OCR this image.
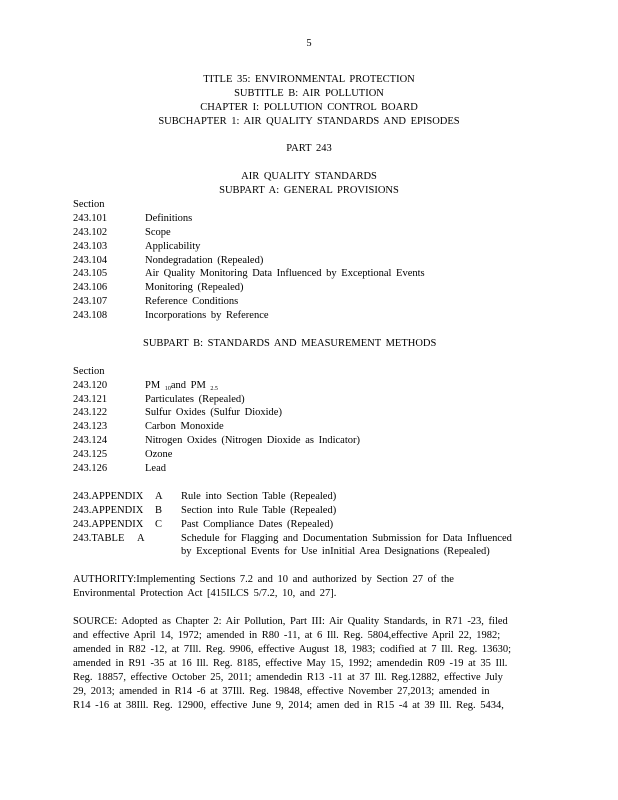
5
TITLE 35: ENVIRONMENTAL PROTECTION
SUBTITLE B: AIR POLLUTION
CHAPTER I: POLLUTION CONTROL BOARD
SUBCHAPTER 1: AIR QUALITY STANDARDS AND EPISODES
PART 243
AIR QUALITY STANDARDS
SUBPART A: GENERAL PROVISIONS
Section
243.101	Definitions
243.102	Scope
243.103	Applicability
243.104	Nondegradation (Repealed)
243.105	Air Quality Monitoring Data Influenced by Exceptional Events
243.106	Monitoring (Repealed)
243.107	Reference Conditions
243.108	Incorporations by Reference
SUBPART B: STANDARDS AND MEASUREMENT METHODS
Section
243.120	PM $_{10}$and PM $_{2.5}$
243.121	Particulates (Repealed)
243.122	Sulfur Oxides (Sulfur Dioxide)
243.123	Carbon Monoxide
243.124	Nitrogen Oxides (Nitrogen Dioxide as Indicator)
243.125	Ozone
243.126	Lead
243.APPENDIX A Rule into Section Table (Repealed)
243.APPENDIX B Section into Rule Table (Repealed)
243.APPENDIX C Past Compliance Dates (Repealed)
243.TABLE A	Schedule for Flagging and Documentation Submission for Data Influenced
by Exceptional Events for Use inInitial Area Designations (Repealed)
AUTHORITY:Implementing Sections 7.2 and 10 and authorized by Section 27 of the
Environmental Protection Act [415ILCS 5/7.2, 10, and 27].
SOURCE: Adopted as Chapter 2: Air Pollution, Part III: Air Quality Standards, in R71 -23, filed
and effective April 14, 1972; amended in R80 -11, at 6 Ill. Reg. 5804,effective April 22, 1982;
amended in R82 -12, at 7Ill. Reg. 9906, effective August 18, 1983; codified at 7 Ill. Reg. 13630;
amended in R91 -35 at 16 Ill. Reg. 8185, effective May 15, 1992; amendedin R09 -19 at 35 Ill.
Reg. 18857, effective October 25, 2011; amendedin R13 -11 at 37 Ill. Reg.12882, effective July
29, 2013; amended in R14 -6 at 37Ill. Reg. 19848, effective November 27,2013; amended in
R14 -16 at 38Ill. Reg. 12900, effective June 9, 2014; amen ded in R15 -4 at 39 Ill. Reg. 5434,
